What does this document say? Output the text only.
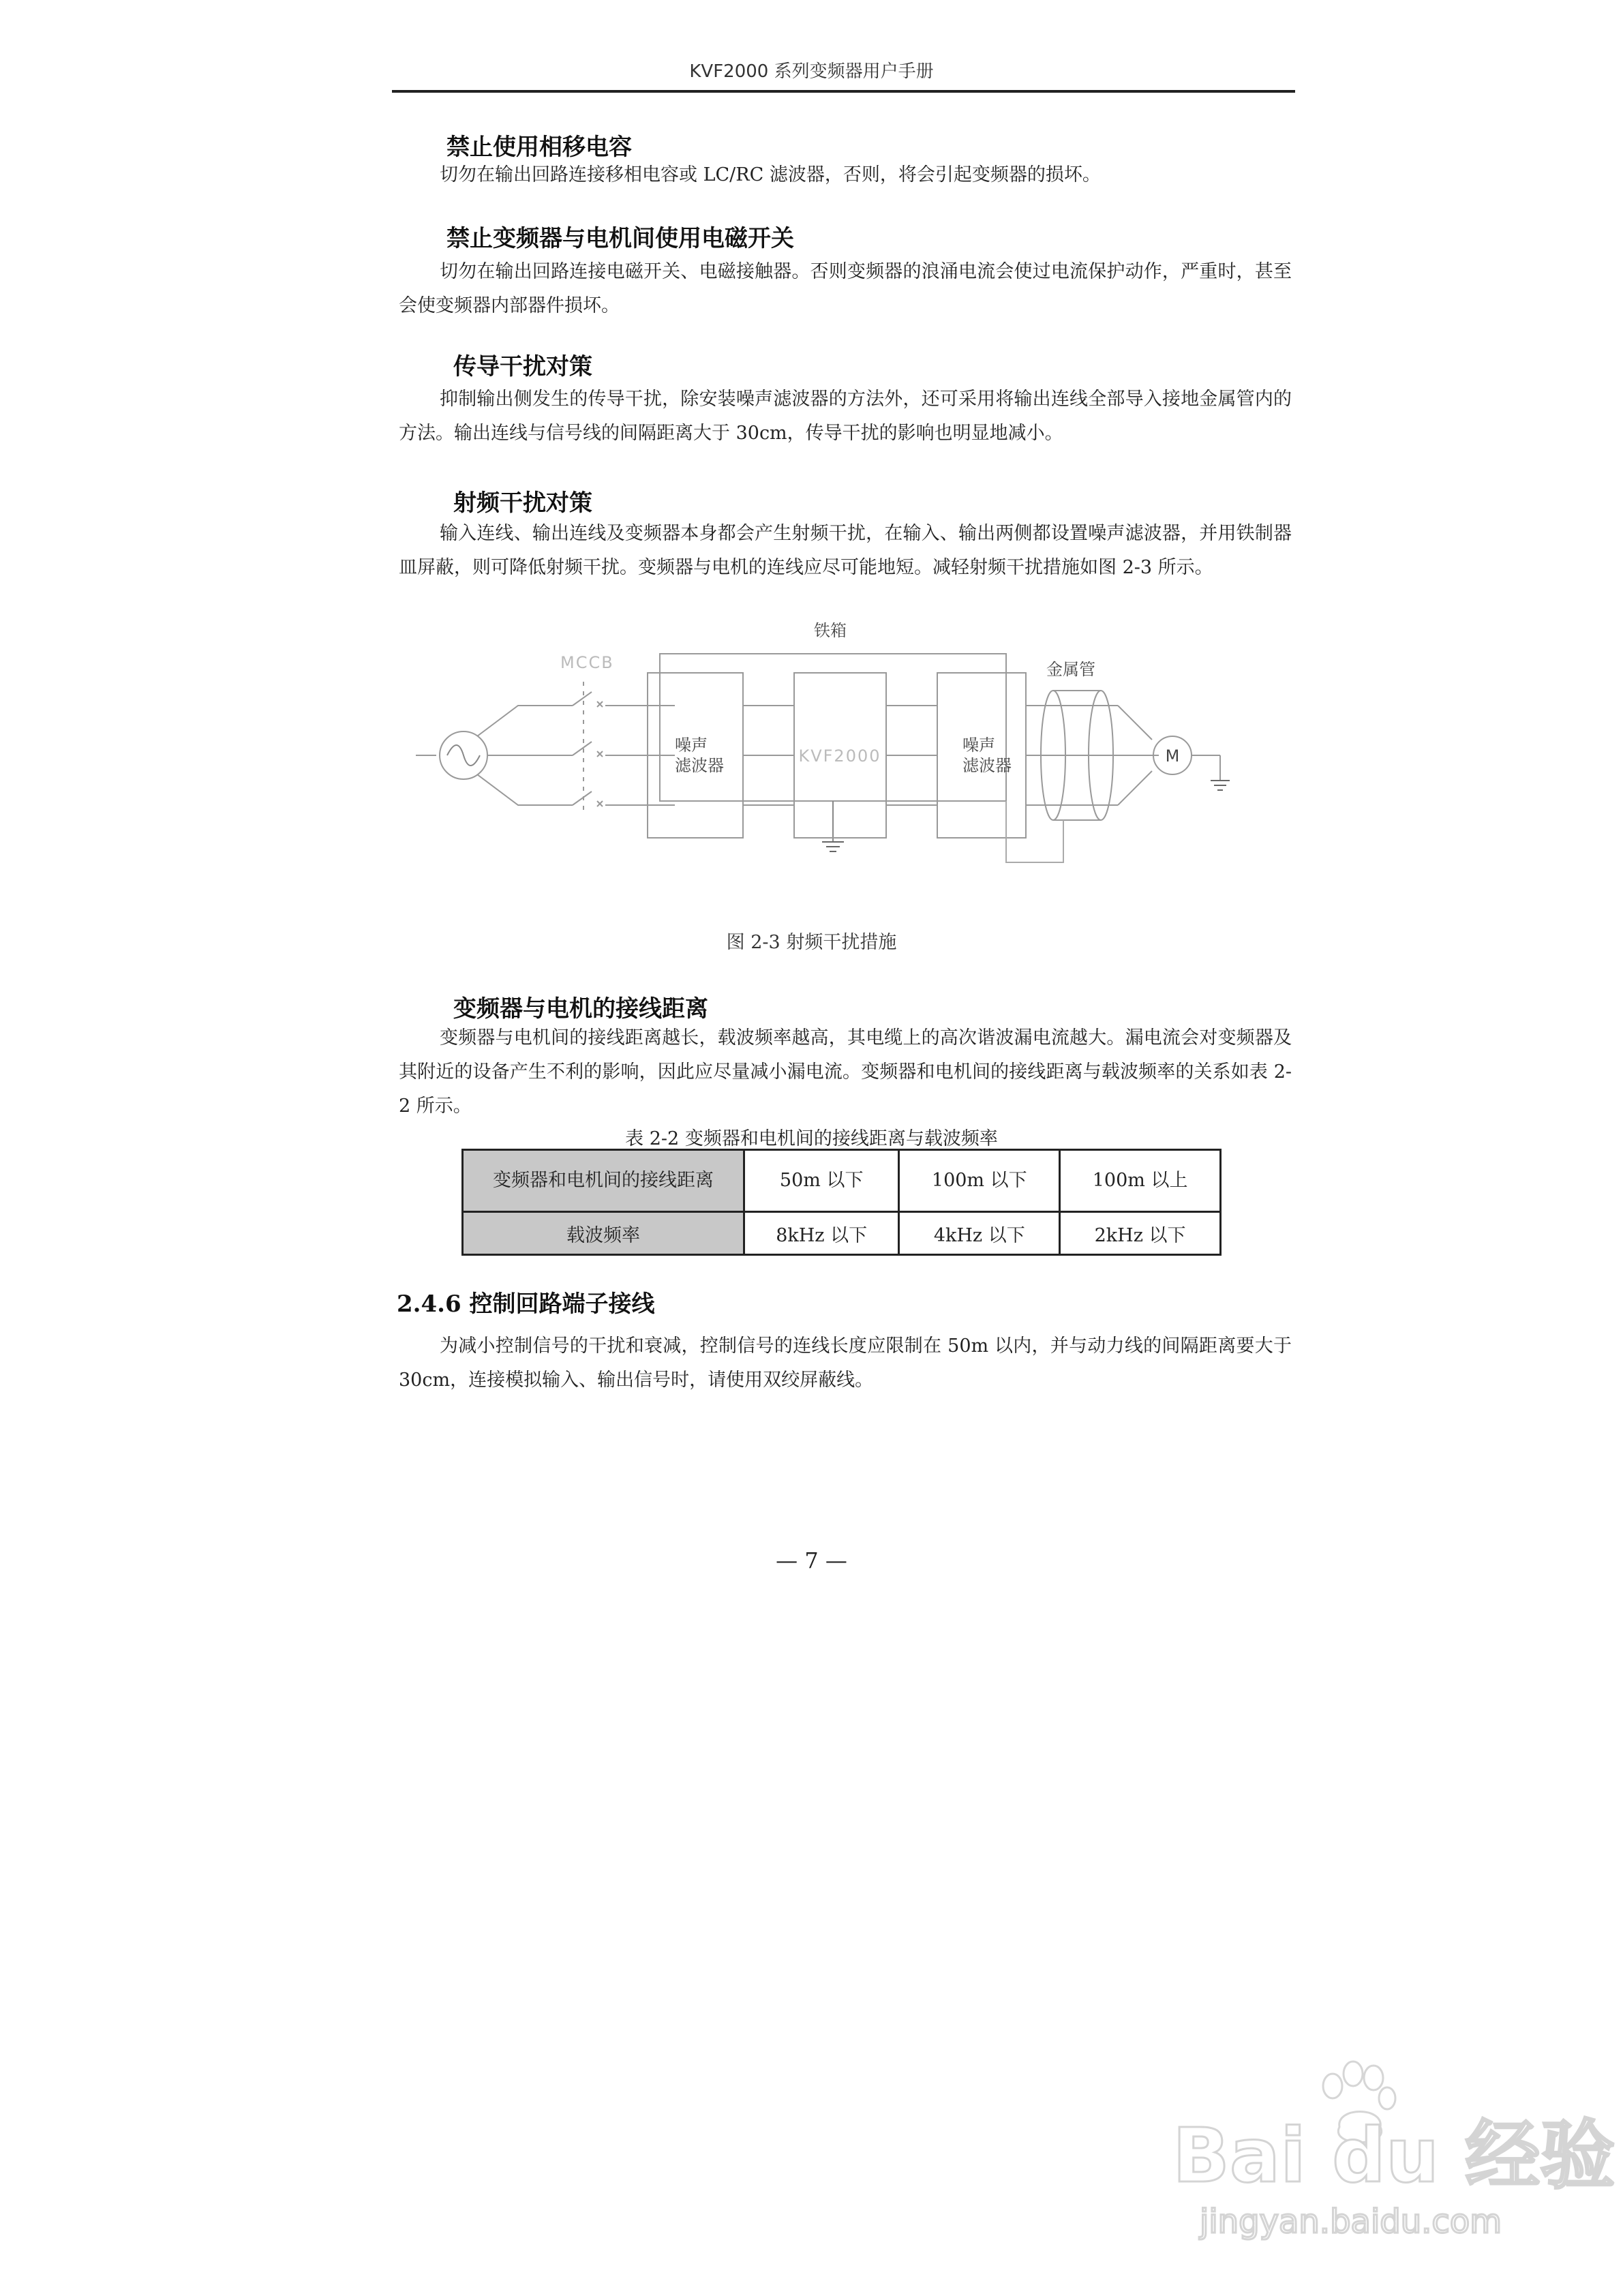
KVF2000 系列变频器用户手册
禁止使用相移电容
切勿在输出回路连接移相电容或 LC/RC 滤波器，否则，将会引起变频器的损坏。
禁止变频器与电机间使用电磁开关
切勿在输出回路连接电磁开关、电磁接触器。否则变频器的浪涌电流会使过电流保护动作，严重时，甚至会使变频器内部器件损坏。
传导干扰对策
抑制输出侧发生的传导干扰，除安装噪声滤波器的方法外，还可采用将输出连线全部导入接地金属管内的方法。输出连线与信号线的间隔距离大于 30cm，传导干扰的影响也明显地减小。
射频干扰对策
输入连线、输出连线及变频器本身都会产生射频干扰，在输入、输出两侧都设置噪声滤波器，并用铁制器皿屏蔽，则可降低射频干扰。变频器与电机的连线应尽可能地短。减轻射频干扰措施如图 2-3 所示。
铁箱
MCCB
噪声
滤波器	KVF2000
噪声
滤波器
金属管
M
图 2-3 射频干扰措施
变频器与电机的接线距离
变频器与电机间的接线距离越长，载波频率越高，其电缆上的高次谐波漏电流越大。漏电流会对变频器及其附近的设备产生不利的影响，因此应尽量减小漏电流。变频器和电机间的接线距离与载波频率的关系如表 2-2 所示。
表 2-2 变频器和电机间的接线距离与载波频率
变频器和电机间的接线距离	50m 以下	100m 以下	100m 以上
载波频率	8kHz 以下	4kHz 以下	2kHz 以下
2.4.6 控制回路端子接线
为减小控制信号的干扰和衰减，控制信号的连线长度应限制在 50m 以内，并与动力线的间隔距离要大于 30cm，连接模拟输入、输出信号时，请使用双绞屏蔽线。
— 7 —
Bai du 经验
jingyan.baidu.com
